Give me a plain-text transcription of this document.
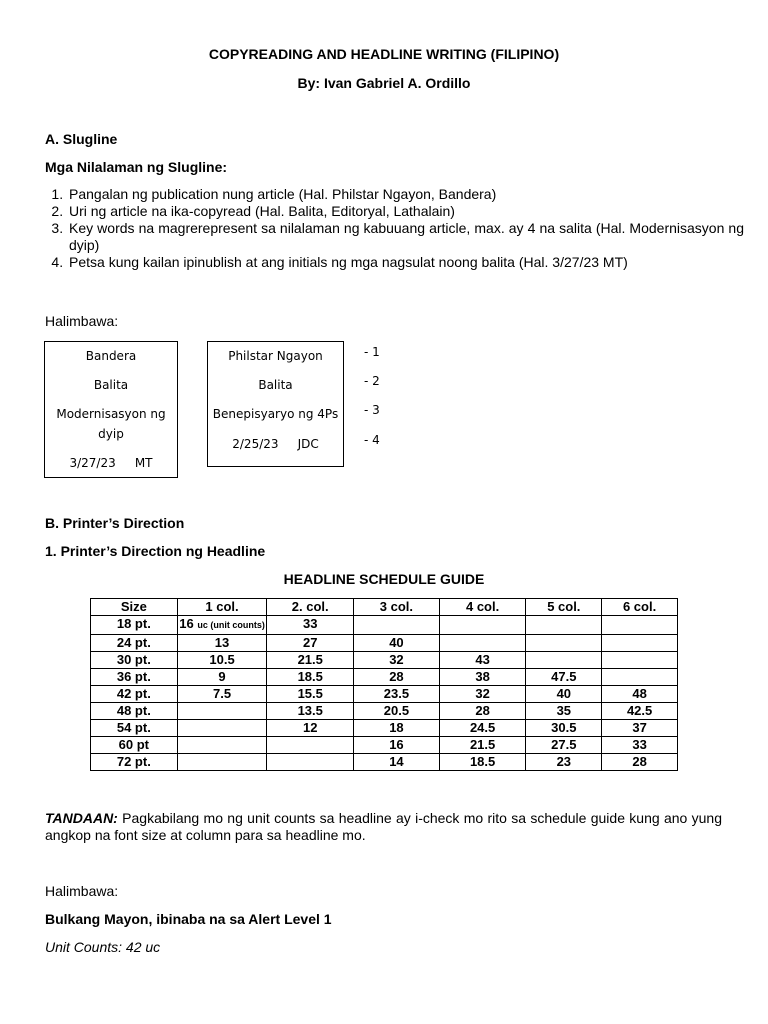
COPYREADING AND HEADLINE WRITING (FILIPINO)
By: Ivan Gabriel A. Ordillo
A. Slugline
Mga Nilalaman ng Slugline:
1. Pangalan ng publication nung article (Hal. Philstar Ngayon, Bandera)
2. Uri ng article na ika-copyread (Hal. Balita, Editoryal, Lathalain)
3. Key words na magrerepresent sa nilalaman ng kabuuang article, max. ay 4 na salita (Hal. Modernisasyon ng dyip)
4. Petsa kung kailan ipinublish at ang initials ng mga nagsulat noong balita (Hal. 3/27/23 MT)
Halimbawa:
Bandera
Balita
Modernisasyon ng dyip
3/27/23     MT
Philstar Ngayon
Balita
Benepisyaryo ng 4Ps
2/25/23     JDC
- 1
- 2
- 3
- 4
B. Printer’s Direction
1. Printer’s Direction ng Headline
HEADLINE SCHEDULE GUIDE
Size	1 col.	2. col.	3 col.	4 col.	5 col.	6 col.
18 pt.	16 uc (unit counts)	33				
24 pt.	13	27	40			
30 pt.	10.5	21.5	32	43		
36 pt.	9	18.5	28	38	47.5	
42 pt.	7.5	15.5	23.5	32	40	48
48 pt.		13.5	20.5	28	35	42.5
54 pt.		12	18	24.5	30.5	37
60 pt			16	21.5	27.5	33
72 pt.			14	18.5	23	28
TANDAAN: Pagkabilang mo ng unit counts sa headline ay i-check mo rito sa schedule guide kung ano yung angkop na font size at column para sa headline mo.
Halimbawa:
Bulkang Mayon, ibinaba na sa Alert Level 1
Unit Counts: 42 uc
